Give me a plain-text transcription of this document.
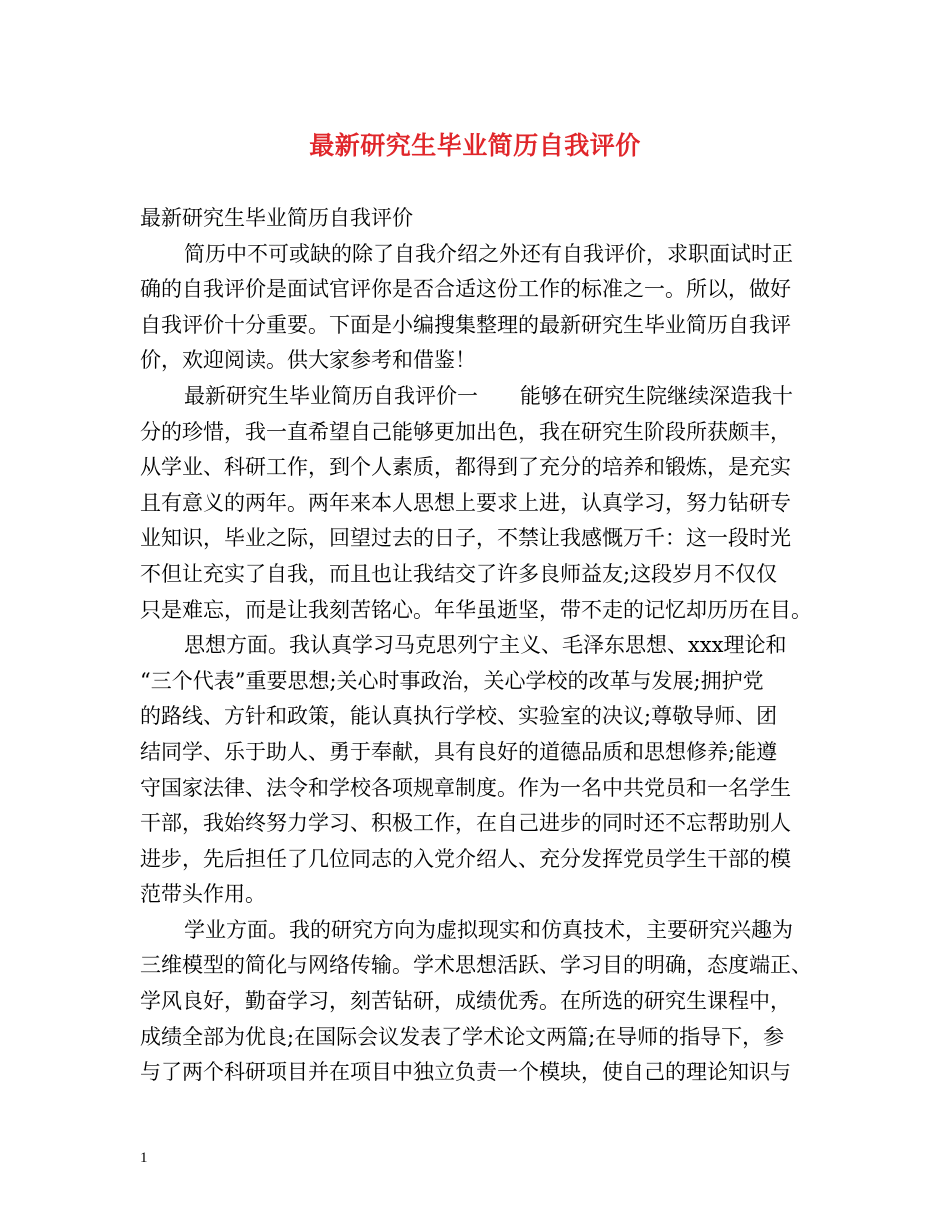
最新研究生毕业简历自我评价
最新研究生毕业简历自我评价
简历中不可或缺的除了自我介绍之外还有自我评价，求职面试时正
确的自我评价是面试官评你是否合适这份工作的标准之一。所以，做好
自我评价十分重要。下面是小编搜集整理的最新研究生毕业简历自我评
价，欢迎阅读。供大家参考和借鉴！
最新研究生毕业简历自我评价一 能够在研究生院继续深造我十
分的珍惜，我一直希望自己能够更加出色，我在研究生阶段所获颇丰，
从学业、科研工作，到个人素质，都得到了充分的培养和锻炼，是充实
且有意义的两年。两年来本人思想上要求上进，认真学习，努力钻研专
业知识，毕业之际，回望过去的日子，不禁让我感慨万千：这一段时光
不但让充实了自我，而且也让我结交了许多良师益友;这段岁月不仅仅
只是难忘，而是让我刻苦铭心。年华虽逝坚，带不走的记忆却历历在目。
思想方面。我认真学习马克思列宁主义、毛泽东思想、xxx理论和
“三个代表”重要思想;关心时事政治，关心学校的改革与发展;拥护党
的路线、方针和政策，能认真执行学校、实验室的决议;尊敬导师、团
结同学、乐于助人、勇于奉献，具有良好的道德品质和思想修养;能遵
守国家法律、法令和学校各项规章制度。作为一名中共党员和一名学生
干部，我始终努力学习、积极工作，在自己进步的同时还不忘帮助别人
进步，先后担任了几位同志的入党介绍人、充分发挥党员学生干部的模
范带头作用。
学业方面。我的研究方向为虚拟现实和仿真技术，主要研究兴趣为
三维模型的简化与网络传输。学术思想活跃、学习目的明确，态度端正、
学风良好，勤奋学习，刻苦钻研，成绩优秀。在所选的研究生课程中，
成绩全部为优良;在国际会议发表了学术论文两篇;在导师的指导下，参
与了两个科研项目并在项目中独立负责一个模块，使自己的理论知识与
1
